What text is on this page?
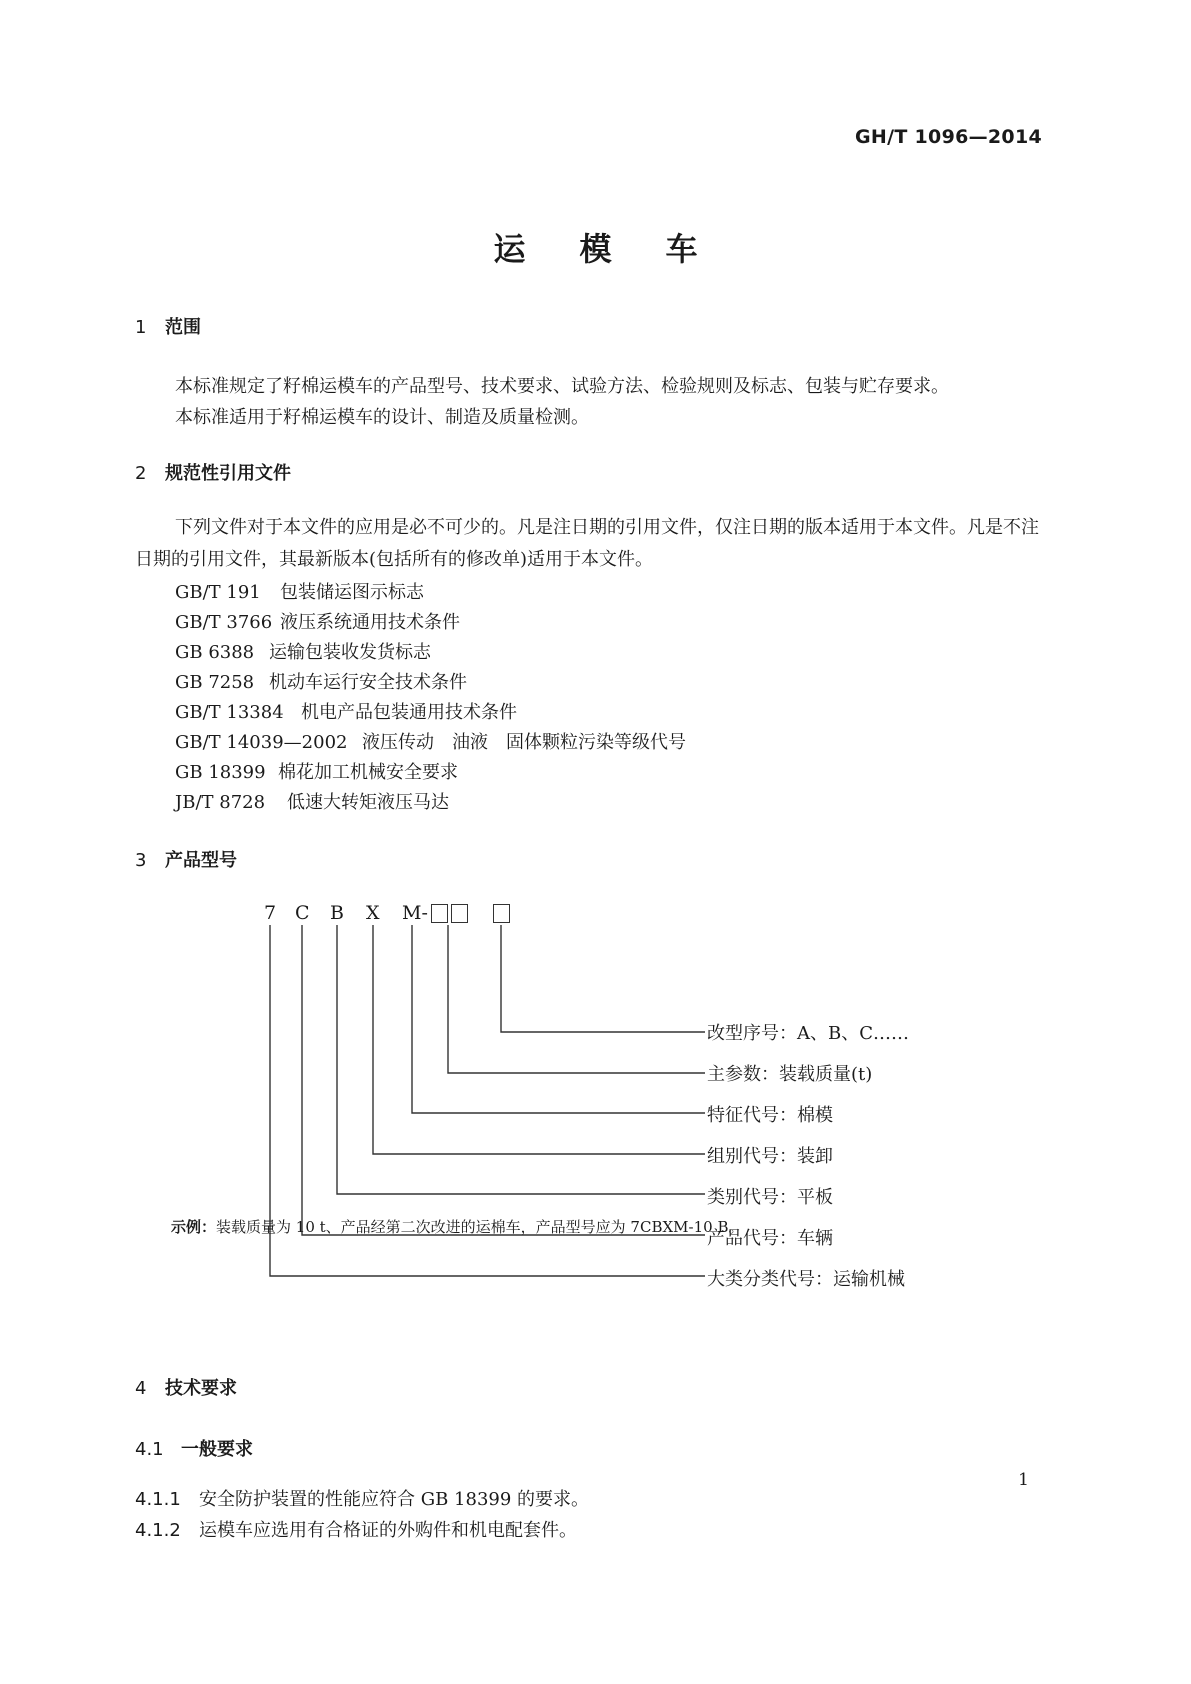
GH/T 1096—2014
运模车
1 范围
本标准规定了籽棉运模车的产品型号、技术要求、试验方法、检验规则及标志、包装与贮存要求。
本标准适用于籽棉运模车的设计、制造及质量检测。
2 规范性引用文件
下列文件对于本文件的应用是必不可少的。凡是注日期的引用文件，仅注日期的版本适用于本文件。凡是不注日期的引用文件，其最新版本(包括所有的修改单)适用于本文件。
GB/T 191 包装储运图示标志
GB/T 3766 液压系统通用技术条件
GB 6388 运输包装收发货标志
GB 7258 机动车运行安全技术条件
GB/T 13384 机电产品包装通用技术条件
GB/T 14039—2002 液压传动　油液　固体颗粒污染等级代号
GB 18399 棉花加工机械安全要求
JB/T 8728 低速大转矩液压马达
3 产品型号
7 C B X M-
改型序号：A、B、C……
主参数：装载质量(t)
特征代号：棉模
组别代号：装卸
类别代号：平板
产品代号：车辆
大类分类代号：运输机械
示例：装载质量为 10 t、产品经第二次改进的运棉车，产品型号应为 7CBXM-10 B。
4 技术要求
4.1 一般要求
4.1.1 安全防护装置的性能应符合 GB 18399 的要求。
4.1.2 运模车应选用有合格证的外购件和机电配套件。
1
